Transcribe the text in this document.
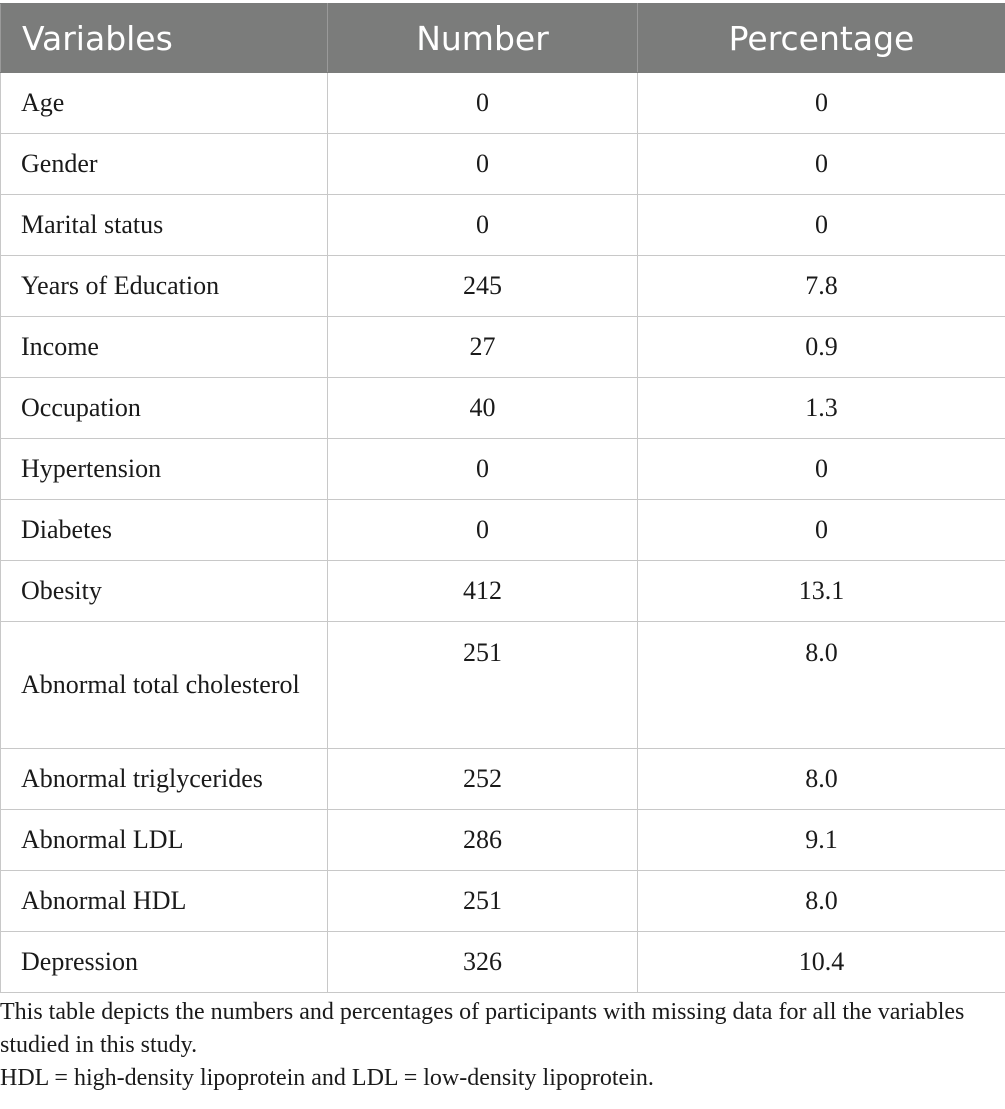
Variables	Number	Percentage
Age	0	0
Gender	0	0
Marital status	0	0
Years of Education	245	7.8
Income	27	0.9
Occupation	40	1.3
Hypertension	0	0
Diabetes	0	0
Obesity	412	13.1
Abnormal total cholesterol	251	8.0
Abnormal triglycerides	252	8.0
Abnormal LDL	286	9.1
Abnormal HDL	251	8.0
Depression	326	10.4
This table depicts the numbers and percentages of participants with missing data for all the variables studied in this study.
HDL = high-density lipoprotein and LDL = low-density lipoprotein.
